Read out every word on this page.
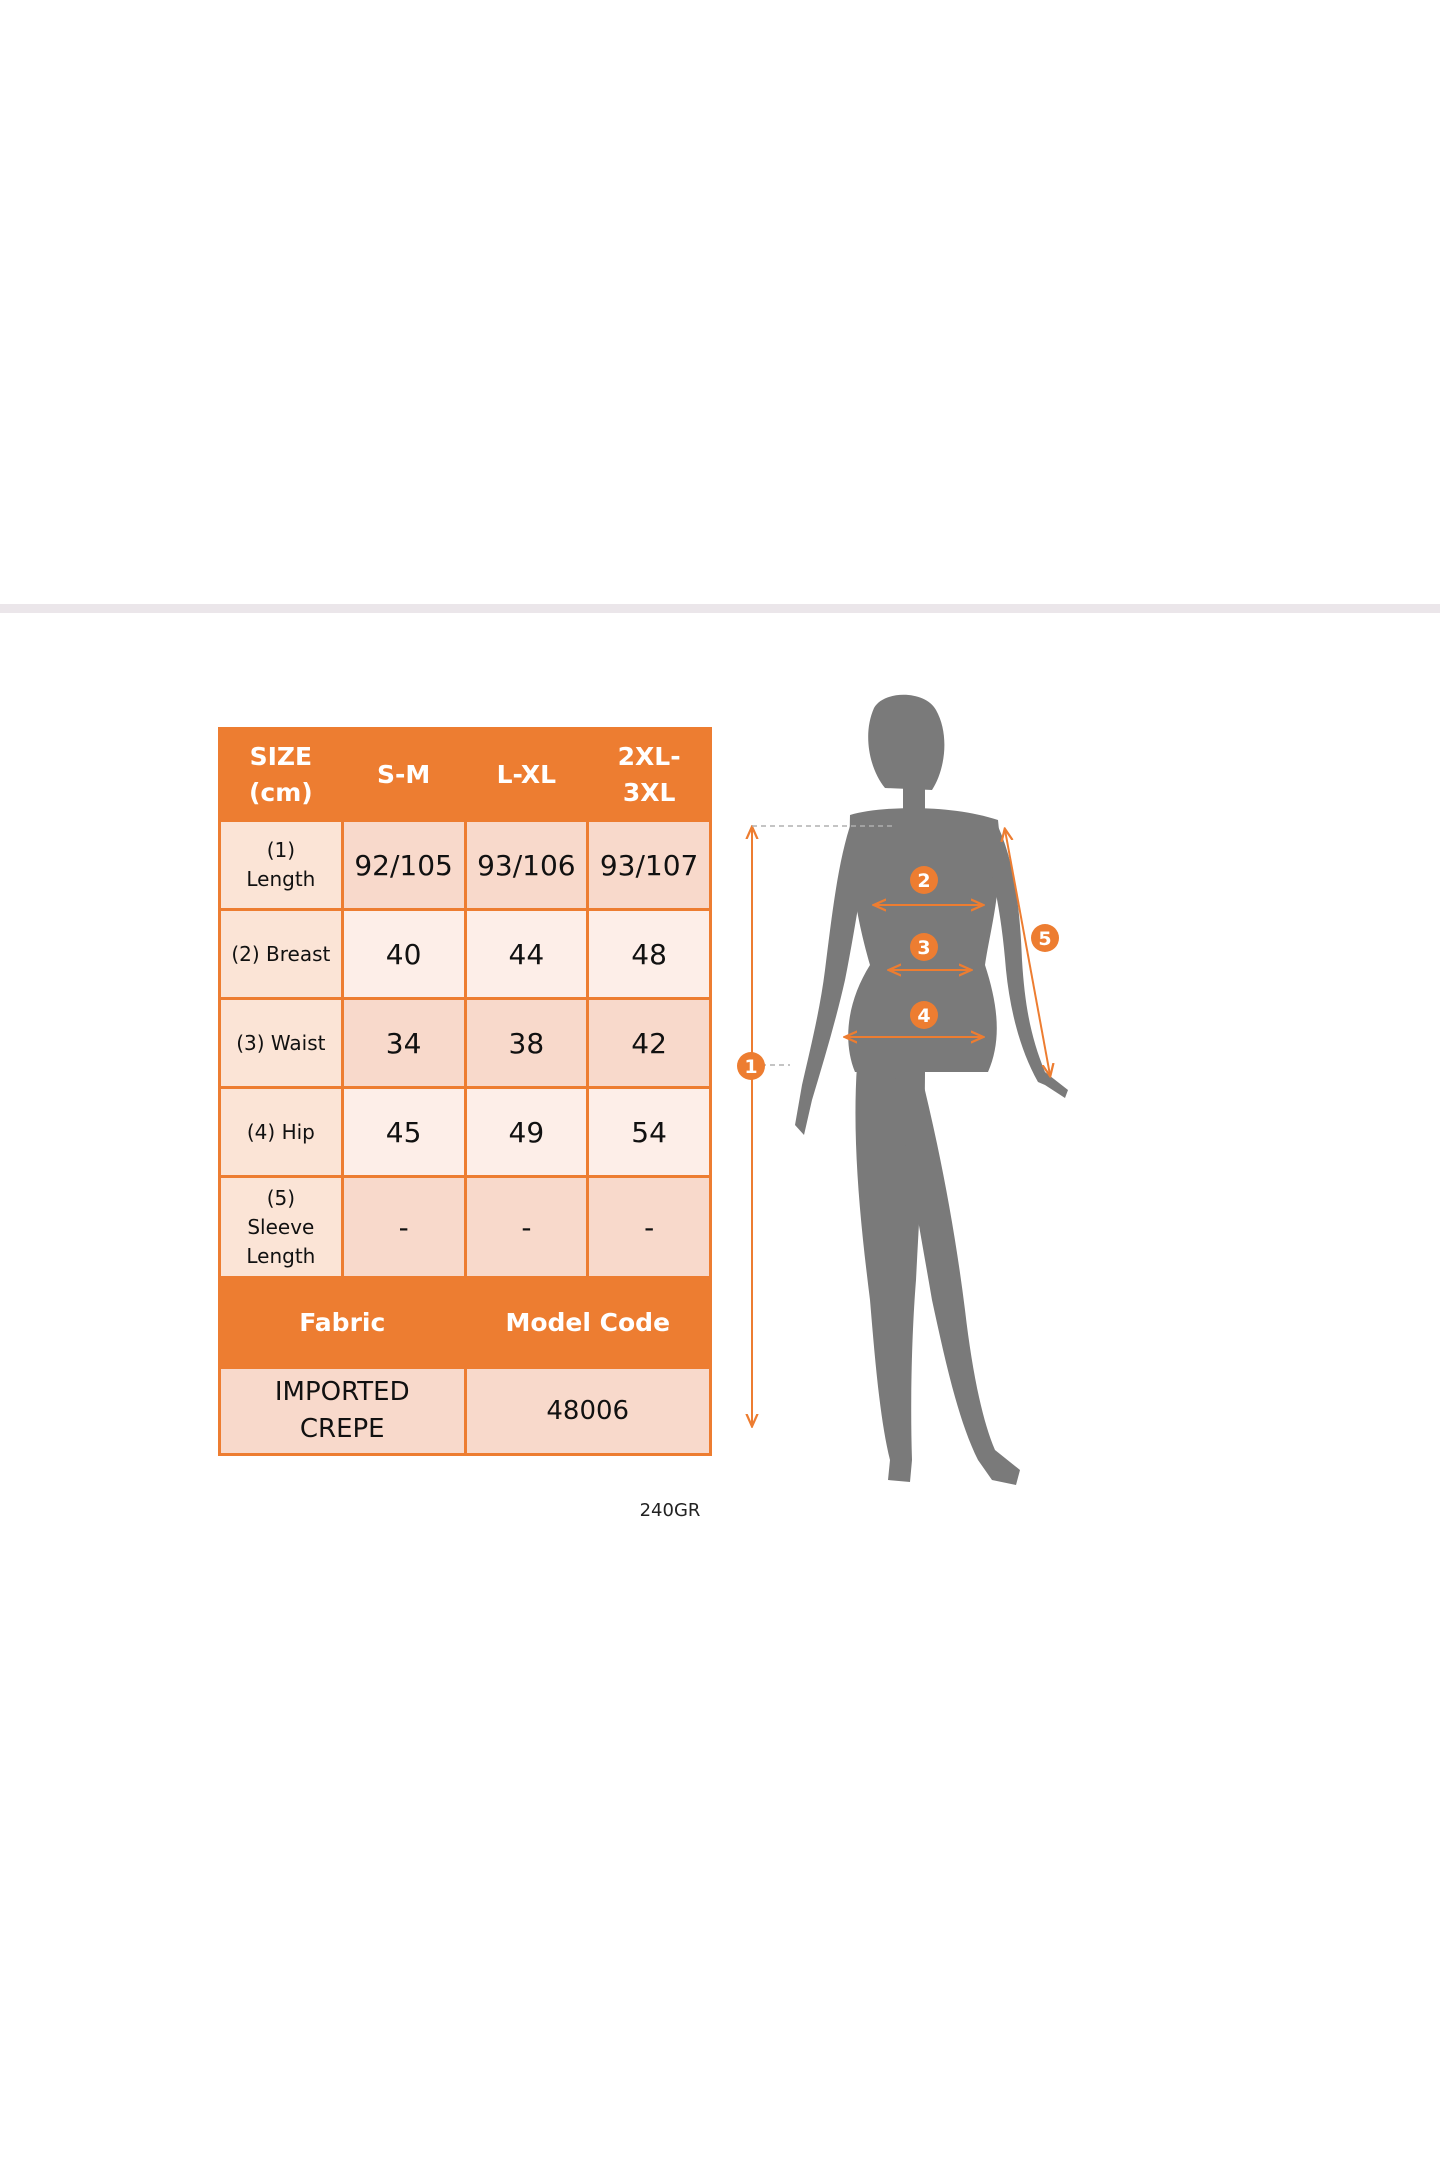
SIZE
(cm)	S-M	L-XL	2XL-
3XL
(1)
Length	92/105	93/106	93/107
(2) Breast	40	44	48
(3) Waist	34	38	42
(4) Hip	45	49	54
(5)
Sleeve
Length	-	-	-
Fabric		Model Code	
IMPORTED
CREPE		48006	
240GR
1
2
3
4
5
